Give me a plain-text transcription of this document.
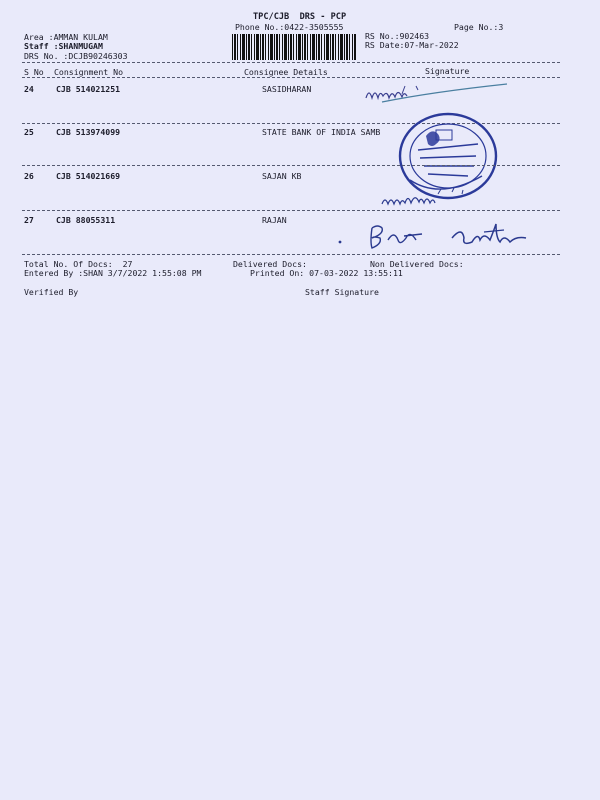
TPC/CJB  DRS - PCP
Phone No.:0422-3505555	Page No.:3
Area :AMMAN KULAM
Staff :SHANMUGAM
DRS No. :DCJB90246303
RS No.:902463
RS Date:07-Mar-2022
S No Consignment No	Consignee Details	Signature
24	CJB 514021251	SASIDHARAN
25	CJB 513974099	STATE BANK OF INDIA SAMB
26	CJB 514021669	SAJAN KB
27	CJB 88055311	RAJAN
Total No. Of Docs:  27	Delivered Docs:	Non Delivered Docs:
Entered By :SHAN 3/7/2022 1:55:08 PM	Printed On: 07-03-2022 13:55:11
Verified By	Staff Signature
